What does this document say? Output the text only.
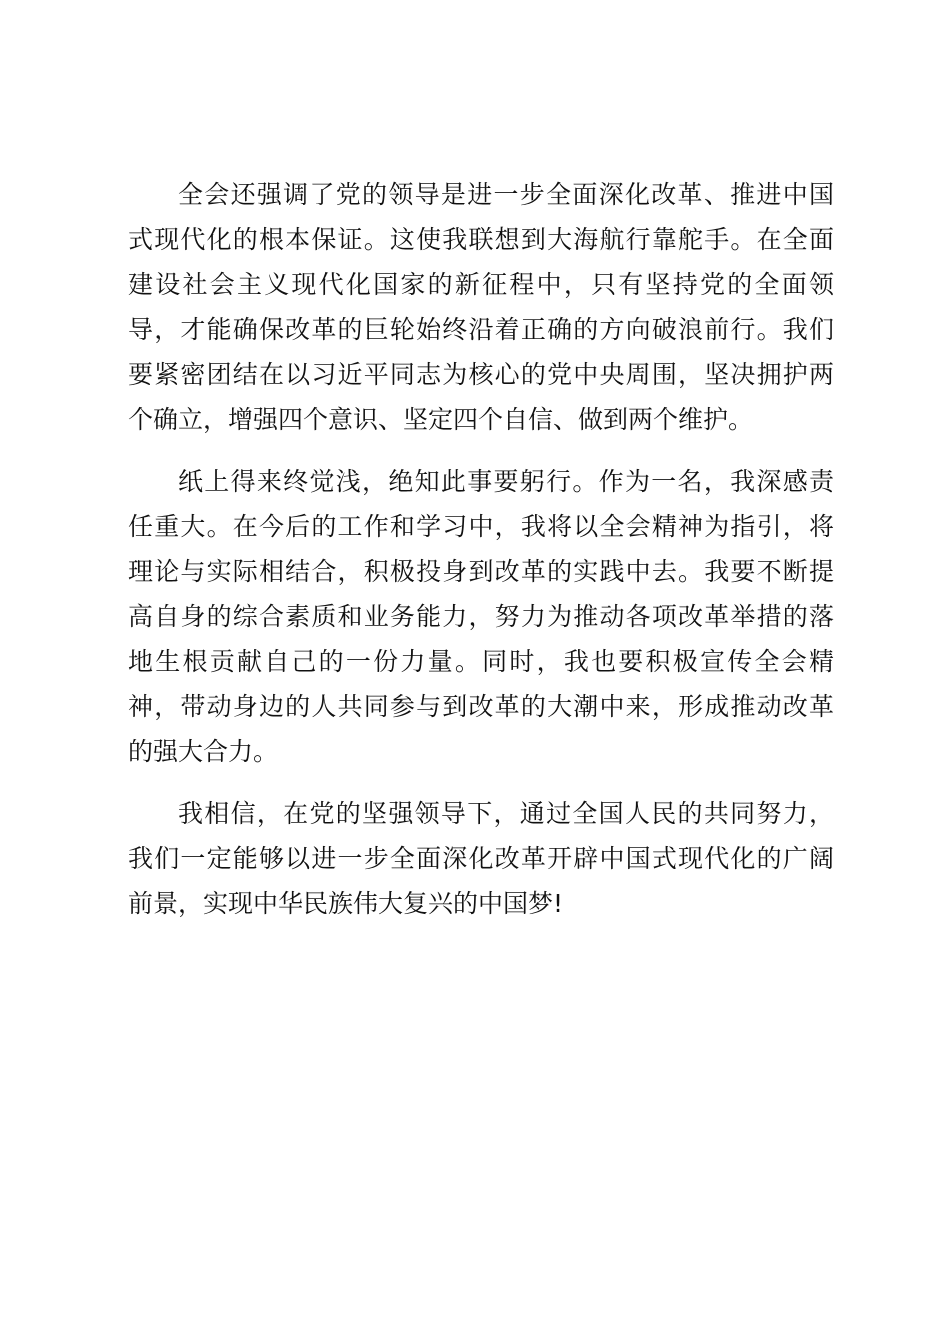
全会还强调了党的领导是进一步全面深化改革、推进中国
式现代化的根本保证。这使我联想到大海航行靠舵手。在全面
建设社会主义现代化国家的新征程中，只有坚持党的全面领
导，才能确保改革的巨轮始终沿着正确的方向破浪前行。我们
要紧密团结在以习近平同志为核心的党中央周围，坚决拥护两
个确立，增强四个意识、坚定四个自信、做到两个维护。
纸上得来终觉浅，绝知此事要躬行。作为一名，我深感责
任重大。在今后的工作和学习中，我将以全会精神为指引，将
理论与实际相结合，积极投身到改革的实践中去。我要不断提
高自身的综合素质和业务能力，努力为推动各项改革举措的落
地生根贡献自己的一份力量。同时，我也要积极宣传全会精
神，带动身边的人共同参与到改革的大潮中来，形成推动改革
的强大合力。
我相信，在党的坚强领导下，通过全国人民的共同努力，
我们一定能够以进一步全面深化改革开辟中国式现代化的广阔
前景，实现中华民族伟大复兴的中国梦!
